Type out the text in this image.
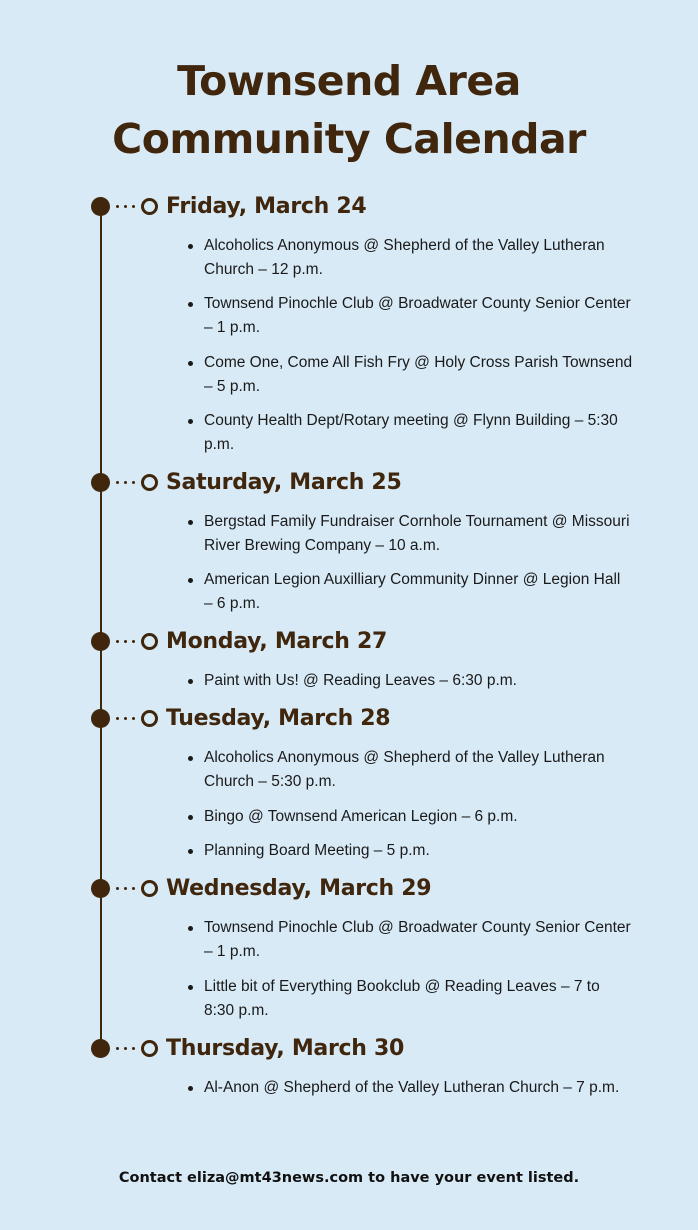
Townsend Area
Community Calendar
Friday, March 24
Alcoholics Anonymous @ Shepherd of the Valley Lutheran Church – 12 p.m.
Townsend Pinochle Club @ Broadwater County Senior Center – 1 p.m.
Come One, Come All Fish Fry @ Holy Cross Parish Townsend – 5 p.m.
County Health Dept/Rotary meeting @ Flynn Building – 5:30 p.m.
Saturday, March 25
Bergstad Family Fundraiser Cornhole Tournament @ Missouri River Brewing Company – 10 a.m.
American Legion Auxilliary Community Dinner @ Legion Hall – 6 p.m.
Monday, March 27
Paint with Us! @ Reading Leaves – 6:30 p.m.
Tuesday, March 28
Alcoholics Anonymous @ Shepherd of the Valley Lutheran Church – 5:30 p.m.
Bingo @ Townsend American Legion – 6 p.m.
Planning Board Meeting – 5 p.m.
Wednesday, March 29
Townsend Pinochle Club @ Broadwater County Senior Center – 1 p.m.
Little bit of Everything Bookclub @ Reading Leaves – 7 to 8:30 p.m.
Thursday, March 30
Al-Anon @ Shepherd of the Valley Lutheran Church – 7 p.m.
Contact eliza@mt43news.com to have your event listed.
